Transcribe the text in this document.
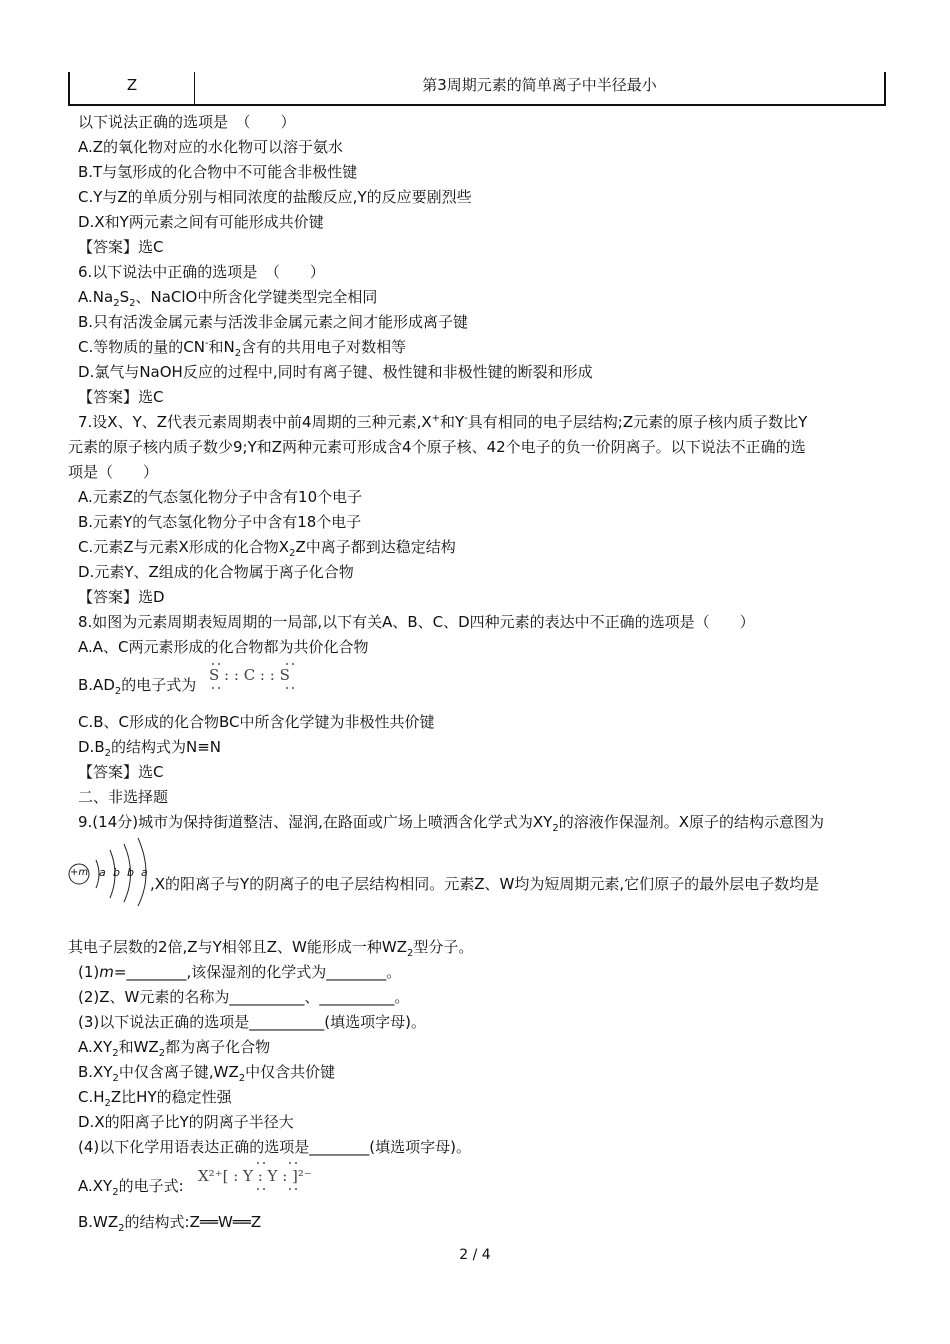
Z	第3周期元素的简单离子中半径最小
以下说法正确的选项是　（　　）
A.Z的氧化物对应的水化物可以溶于氨水
B.T与氢形成的化合物中不可能含非极性键
C.Y与Z的单质分别与相同浓度的盐酸反应,Y的反应要剧烈些
D.X和Y两元素之间有可能形成共价键
【答案】选C
6.以下说法中正确的选项是　（　　）
$A.Na_2S_2$、NaClO中所含化学键类型完全相同
B.只有活泼金属元素与活泼非金属元素之间才能形成离子键
C.等物质的量的CN-和$N_2$含有的共用电子对数相等
D.氯气与NaOH反应的过程中,同时有离子键、极性键和非极性键的断裂和形成
【答案】选C
7.设X、Y、Z代表元素周期表中前4周期的三种元素,X+和Y-具有相同的电子层结构;Z元素的原子核内质子数比Y
元素的原子核内质子数少9;Y和Z两种元素可形成含4个原子核、42个电子的负一价阴离子。以下说法不正确的选
项是（　　）
A.元素Z的气态氢化物分子中含有10个电子
B.元素Y的气态氢化物分子中含有18个电子
C.元素Z与元素X形成的化合物$X_2Z$中离子都到达稳定结构
D.元素Y、Z组成的化合物属于离子化合物
【答案】选D
8.如图为元素周期表短周期的一局部,以下有关A、B、C、D四种元素的表达中不正确的选项是（　　）
A.A、C两元素形成的化合物都为共价化合物
$B.AD_2$的电子式为
S : : C : : S
C.B、C形成的化合物BC中所含化学键为非极性共价键
$D.B_2$的结构式为N≡N
【答案】选C
二、非选择题
9.(14分)城市为保持街道整洁、湿润,在路面或广场上喷洒含化学式为$XY_2$的溶液作保湿剂。X原子的结构示意图为
+m a b b a
,X的阳离子与Y的阴离子的电子层结构相同。元素Z、W均为短周期元素,它们原子的最外层电子数均是
其电子层数的2倍,Z与Y相邻且Z、W能形成一种$WZ_2$型分子。
(1)m=________,该保湿剂的化学式为________。
(2)Z、W元素的名称为__________、__________。
(3)以下说法正确的选项是__________(填选项字母)。
$A.XY_2$和$WZ_2$都为离子化合物
$B.XY_2$中仅含离子键$,WZ_2$中仅含共价键
$C.H_2Z$比HY的稳定性强
D.X的阳离子比Y的阴离子半径大
(4)以下化学用语表达正确的选项是________(填选项字母)。
$A.XY_2$的电子式:
X²⁺[ : Y : Y : ]²⁻
$B.WZ_2$的结构式:Z══W══Z
2 / 4
